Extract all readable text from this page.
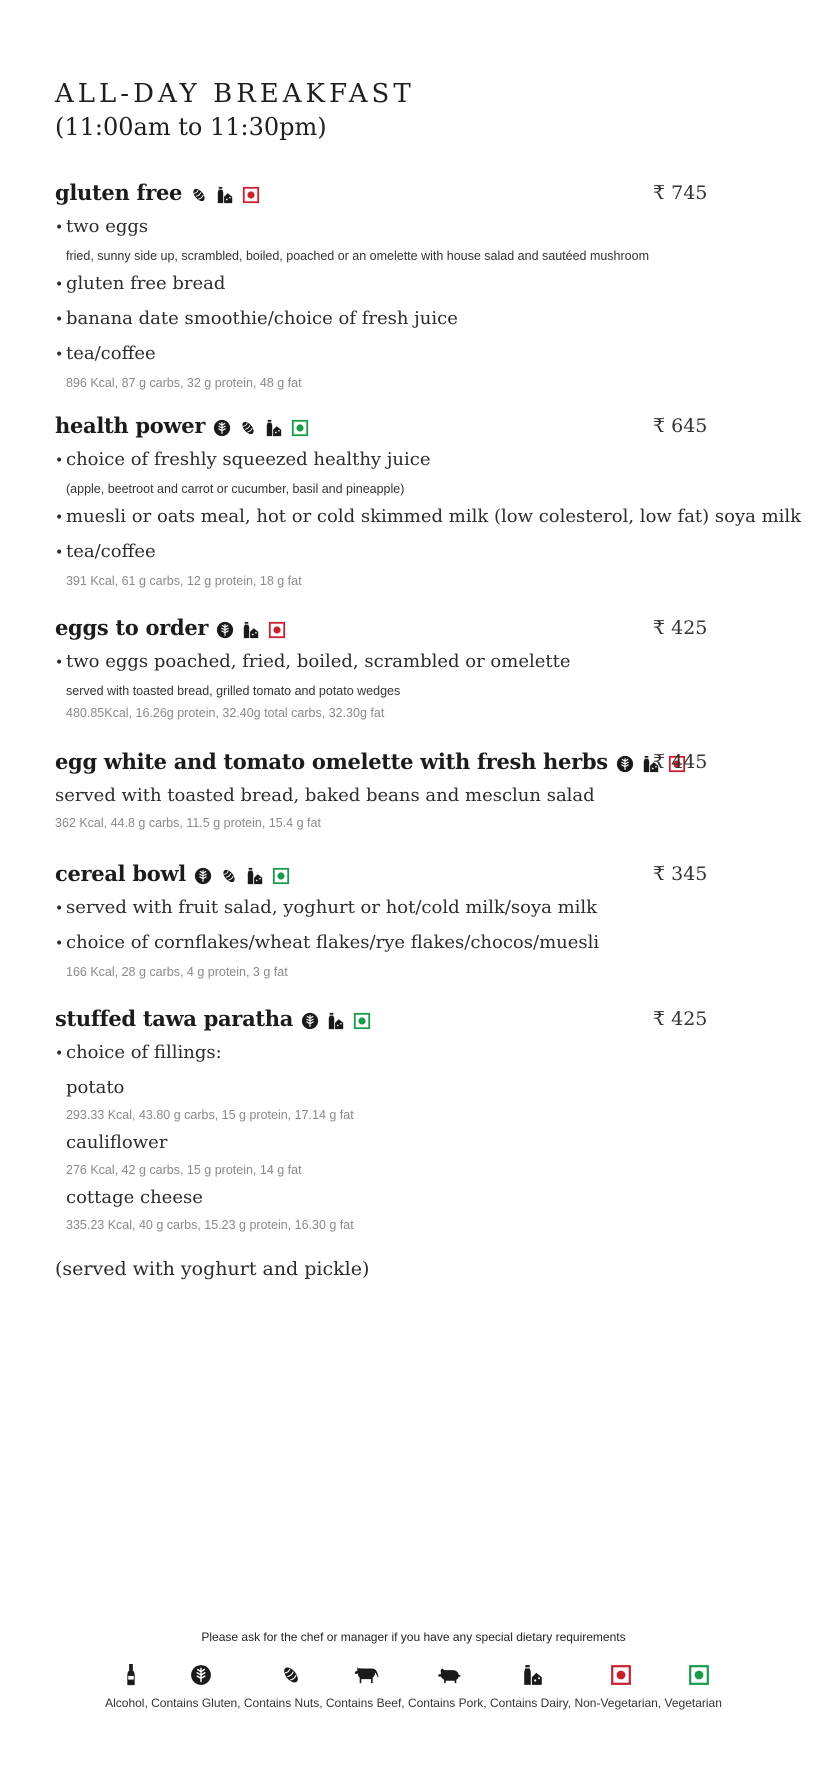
ALL-DAY BREAKFAST
(11:00am to 11:30pm)
gluten free	₹ 745
• two eggs
fried, sunny side up, scrambled, boiled, poached or an omelette with house salad and sautéed mushroom
• gluten free bread
• banana date smoothie/choice of fresh juice
• tea/coffee
896 Kcal, 87 g carbs, 32 g protein, 48 g fat
health power	₹ 645
• choice of freshly squeezed healthy juice
(apple, beetroot and carrot or cucumber, basil and pineapple)
• muesli or oats meal, hot or cold skimmed milk (low colesterol, low fat) soya milk
• tea/coffee
391 Kcal, 61 g carbs, 12 g protein, 18 g fat
eggs to order	₹ 425
• two eggs poached, fried, boiled, scrambled or omelette
served with toasted bread, grilled tomato and potato wedges
480.85Kcal, 16.26g protein, 32.40g total carbs, 32.30g fat
egg white and tomato omelette with fresh herbs	₹ 445
served with toasted bread, baked beans and mesclun salad
362 Kcal, 44.8 g carbs, 11.5 g protein, 15.4 g fat
cereal bowl	₹ 345
• served with fruit salad, yoghurt or hot/cold milk/soya milk
• choice of cornflakes/wheat flakes/rye flakes/chocos/muesli
166 Kcal, 28 g carbs, 4 g protein, 3 g fat
stuffed tawa paratha	₹ 425
• choice of fillings:
potato
293.33 Kcal, 43.80 g carbs, 15 g protein, 17.14 g fat
cauliflower
276 Kcal, 42 g carbs, 15 g protein, 14 g fat
cottage cheese
335.23 Kcal, 40 g carbs, 15.23 g protein, 16.30 g fat
(served with yoghurt and pickle)
Please ask for the chef or manager if you have any special dietary requirements
Alcohol, Contains Gluten, Contains Nuts, Contains Beef, Contains Pork, Contains Dairy, Non-Vegetarian, Vegetarian
